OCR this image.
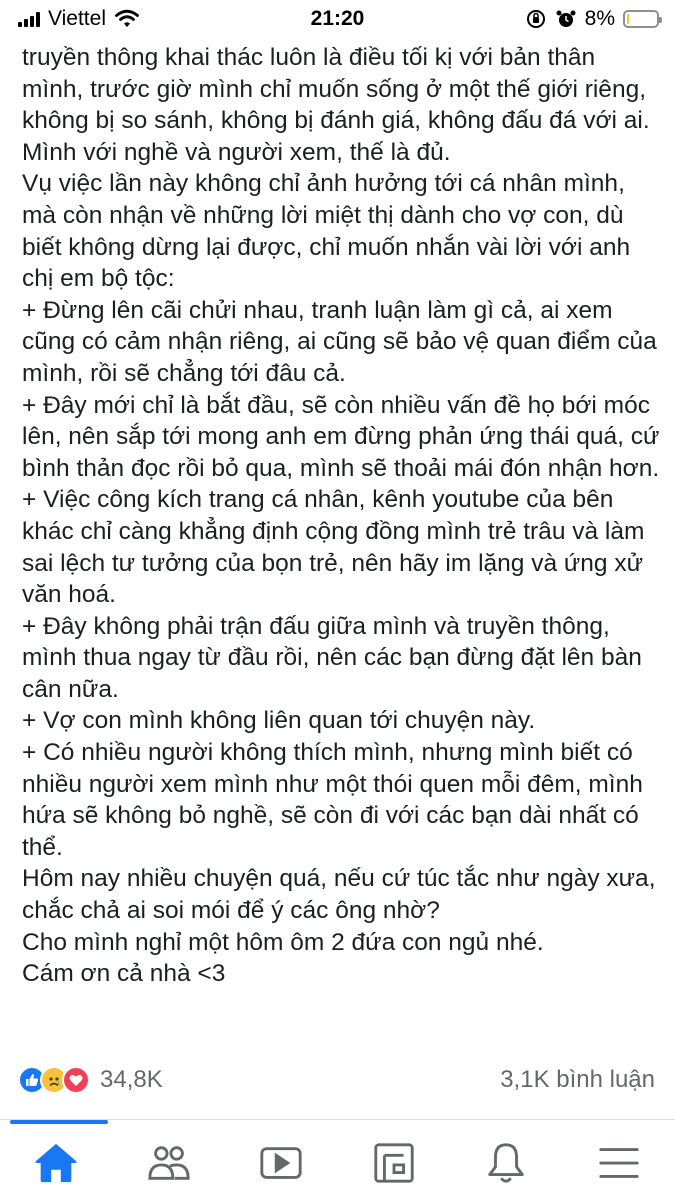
Viettel	21:20	8%

truyền thông khai thác luôn là điều tối kị với bản thân mình, trước giờ mình chỉ muốn sống ở một thế giới riêng, không bị so sánh, không bị đánh giá, không đấu đá với ai. Mình với nghề và người xem, thế là đủ.

Vụ việc lần này không chỉ ảnh hưởng tới cá nhân mình, mà còn nhận về những lời miệt thị dành cho vợ con, dù biết không dừng lại được, chỉ muốn nhắn vài lời với anh chị em bộ tộc:

+ Đừng lên cãi chửi nhau, tranh luận làm gì cả, ai xem cũng có cảm nhận riêng, ai cũng sẽ bảo vệ quan điểm của mình, rồi sẽ chẳng tới đâu cả.

+ Đây mới chỉ là bắt đầu, sẽ còn nhiều vấn đề họ bới móc lên, nên sắp tới mong anh em đừng phản ứng thái quá, cứ bình thản đọc rồi bỏ qua, mình sẽ thoải mái đón nhận hơn.

+ Việc công kích trang cá nhân, kênh youtube của bên khác chỉ càng khẳng định cộng đồng mình trẻ trâu và làm sai lệch tư tưởng của bọn trẻ, nên hãy im lặng và ứng xử văn hoá.

+ Đây không phải trận đấu giữa mình và truyền thông, mình thua ngay từ đầu rồi, nên các bạn đừng đặt lên bàn cân nữa.

+ Vợ con mình không liên quan tới chuyện này.

+ Có nhiều người không thích mình, nhưng mình biết có nhiều người xem mình như một thói quen mỗi đêm, mình hứa sẽ không bỏ nghề, sẽ còn đi với các bạn dài nhất có thể.

Hôm nay nhiều chuyện quá, nếu cứ túc tắc như ngày xưa, chắc chả ai soi mói để ý các ông nhờ?

Cho mình nghỉ một hôm ôm 2 đứa con ngủ nhé.

Cám ơn cả nhà <3

34,8K	3,1K bình luận
